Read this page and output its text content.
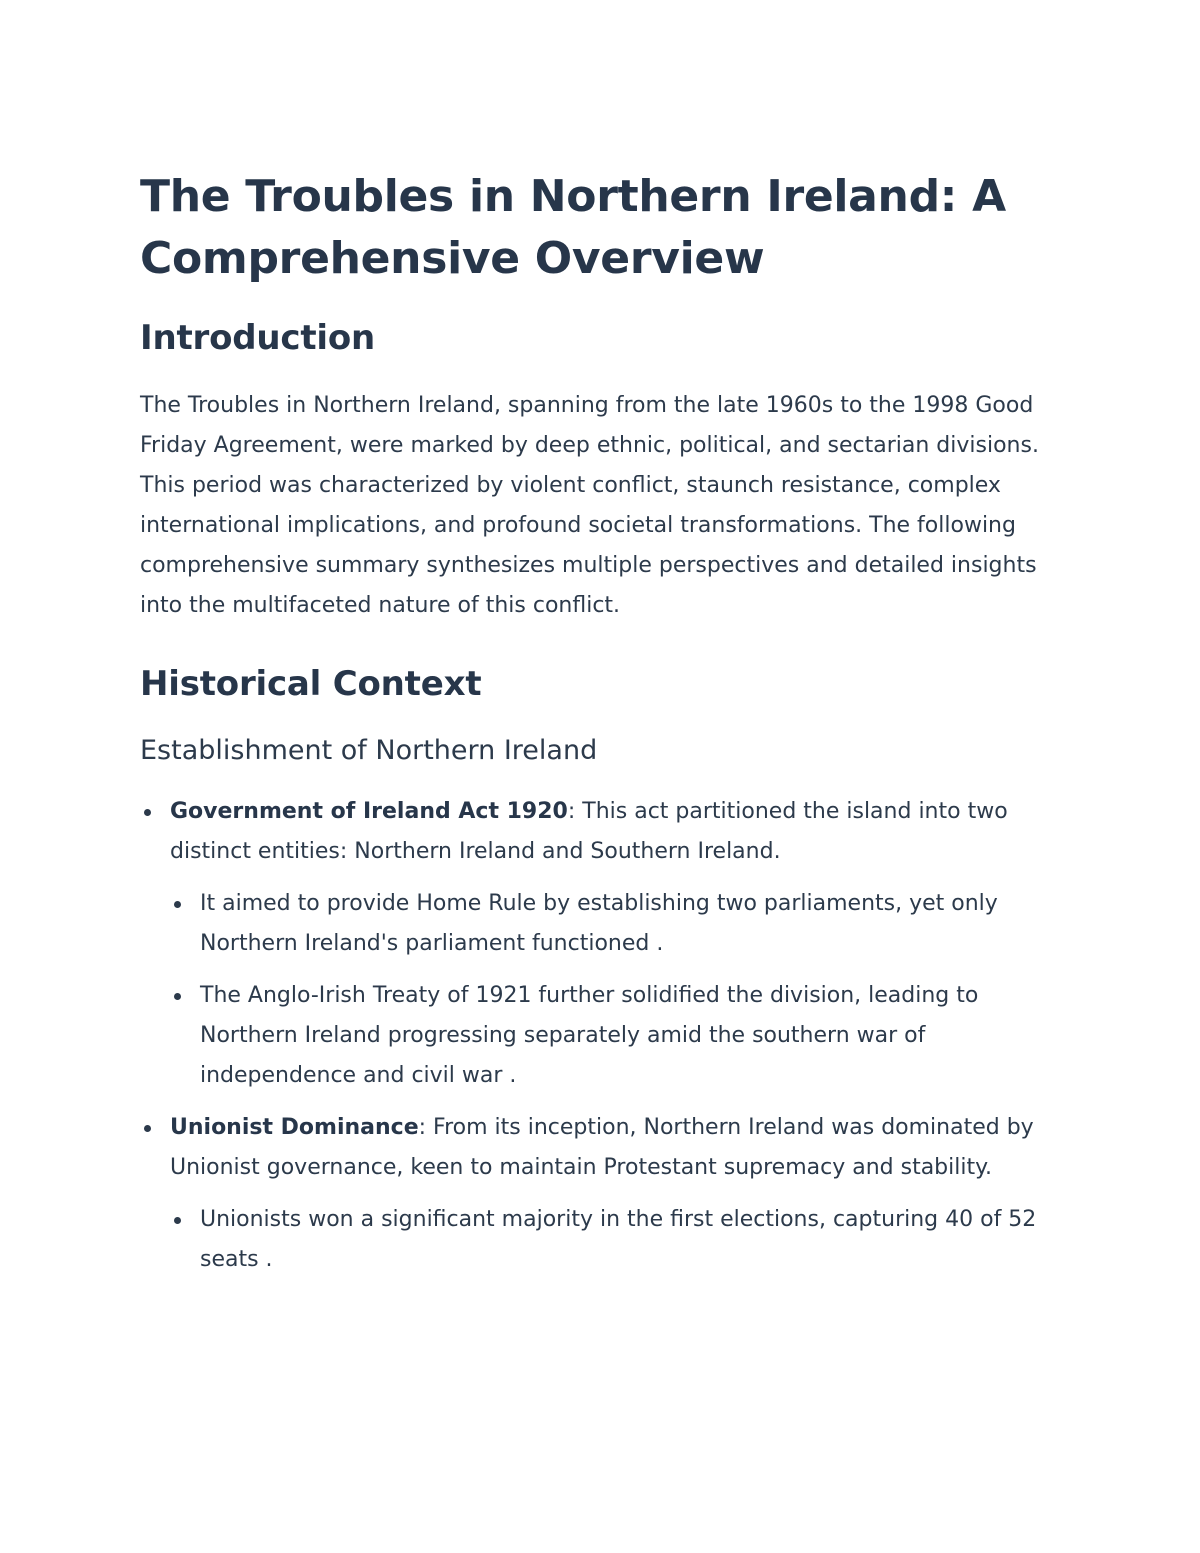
The Troubles in Northern Ireland: A Comprehensive Overview
Introduction

The Troubles in Northern Ireland, spanning from the late 1960s to the 1998 Good Friday Agreement, were marked by deep ethnic, political, and sectarian divisions. This period was characterized by violent conflict, staunch resistance, complex international implications, and profound societal transformations. The following comprehensive summary synthesizes multiple perspectives and detailed insights into the multifaceted nature of this conflict.

Historical Context
Establishment of Northern Ireland
Government of Ireland Act 1920: This act partitioned the island into two distinct entities: Northern Ireland and Southern Ireland.
It aimed to provide Home Rule by establishing two parliaments, yet only Northern Ireland's parliament functioned .
The Anglo-Irish Treaty of 1921 further solidified the division, leading to Northern Ireland progressing separately amid the southern war of independence and civil war .
Unionist Dominance: From its inception, Northern Ireland was dominated by Unionist governance, keen to maintain Protestant supremacy and stability.
Unionists won a significant majority in the first elections, capturing 40 of 52 seats .
